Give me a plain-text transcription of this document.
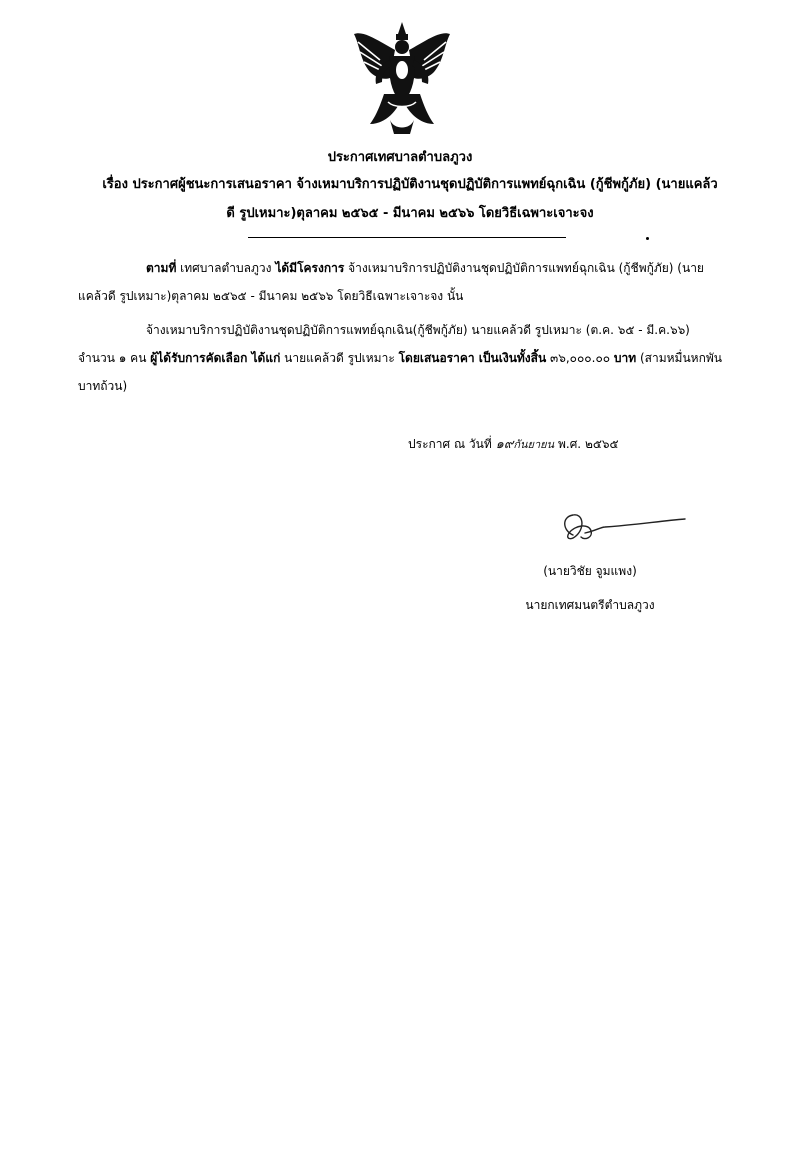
ประกาศเทศบาลตำบลภูวง
เรื่อง ประกาศผู้ชนะการเสนอราคา จ้างเหมาบริการปฏิบัติงานชุดปฏิบัติการแพทย์ฉุกเฉิน (กู้ชีพกู้ภัย) (นายแคล้ว
ดี รูปเหมาะ)ตุลาคม ๒๕๖๕ - มีนาคม ๒๕๖๖ โดยวิธีเฉพาะเจาะจง
ตามที่ เทศบาลตำบลภูวง ได้มีโครงการ จ้างเหมาบริการปฏิบัติงานชุดปฏิบัติการแพทย์ฉุกเฉิน (กู้ชีพกู้ภัย) (นายแคล้วดี รูปเหมาะ)ตุลาคม ๒๕๖๕ - มีนาคม ๒๕๖๖ โดยวิธีเฉพาะเจาะจง นั้น
จ้างเหมาบริการปฏิบัติงานชุดปฏิบัติการแพทย์ฉุกเฉิน(กู้ชีพกู้ภัย) นายแคล้วดี รูปเหมาะ (ต.ค. ๖๕ - มี.ค.๖๖) จำนวน ๑ คน ผู้ได้รับการคัดเลือก ได้แก่ นายแคล้วดี รูปเหมาะ โดยเสนอราคา เป็นเงินทั้งสิ้น ๓๖,๐๐๐.๐๐ บาท (สามหมื่นหกพันบาทถ้วน)
ประกาศ ณ วันที่ ๑๙กันยายน พ.ศ. ๒๕๖๕
(นายวิชัย จูมแพง)
นายกเทศมนตรีตำบลภูวง
